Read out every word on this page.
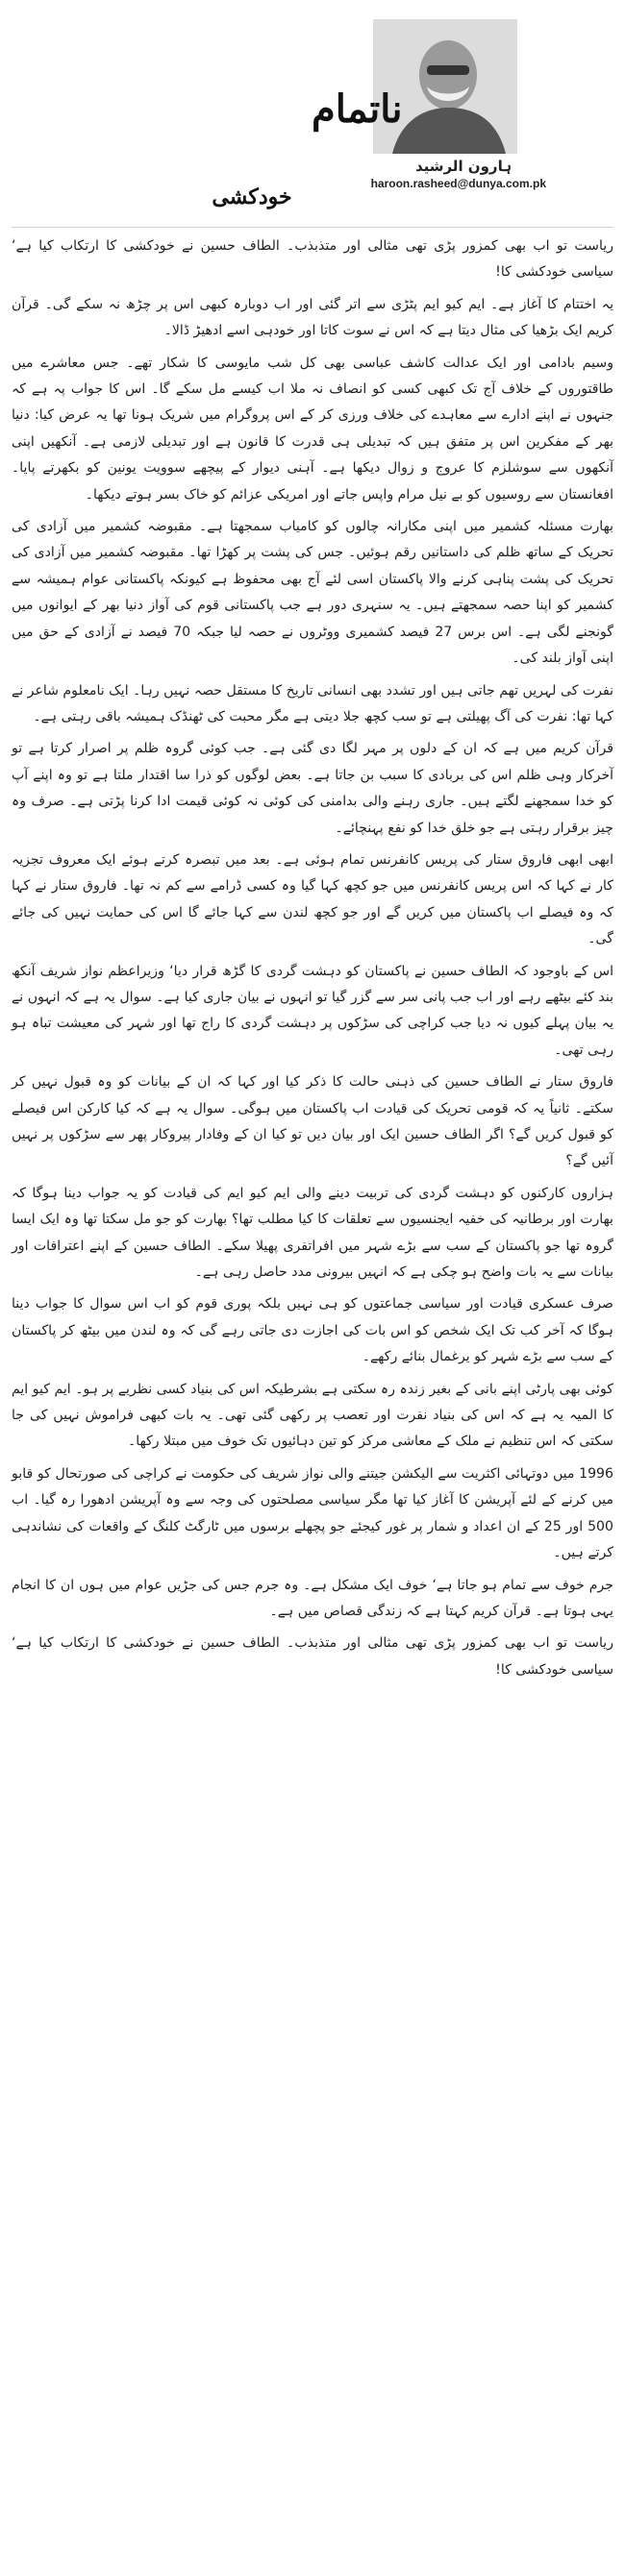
ناتمام
ہارون الرشید
haroon.rasheed@dunya.com.pk
خودکشی

ریاست تو اب بھی کمزور پڑی تھی مثالی اور متذبذب۔ الطاف حسین نے خودکشی کا ارتکاب کیا ہے‘ سیاسی خودکشی کا!

یہ اختتام کا آغاز ہے۔ ایم کیو ایم پٹڑی سے اتر گئی اور اب دوبارہ کبھی اس پر چڑھ نہ سکے گی۔ قرآن کریم ایک بڑھیا کی مثال دیتا ہے کہ اس نے سوت کاتا اور خودہی اسے ادھیڑ ڈالا۔

وسیم بادامی اور ایک عدالت کاشف عباسی بھی کل شب مایوسی کا شکار تھے۔ جس معاشرے میں طاقتوروں کے خلاف آج تک کبھی کسی کو انصاف نہ ملا اب کیسے مل سکے گا۔ اس کا جواب پہ ہے کہ جنہوں نے اپنے ادارے سے معاہدے کی خلاف ورزی کر کے اس پروگرام میں شریک ہونا تھا یہ عرض کیا: دنیا بھر کے مفکرین اس پر متفق ہیں کہ تبدیلی ہی قدرت کا قانون ہے اور تبدیلی لازمی ہے۔ آنکھیں اپنی آنکھوں سے سوشلزم کا عروج و زوال دیکھا ہے۔ آہنی دیوار کے پیچھے سوویت یونین کو بکھرتے پایا۔ افغانستان سے روسیوں کو بے نیل مرام واپس جاتے اور امریکی عزائم کو خاک بسر ہوتے دیکھا۔

بھارت مسئلہ کشمیر میں اپنی مکارانہ چالوں کو کامیاب سمجھتا ہے۔ مقبوضہ کشمیر میں آزادی کی تحریک کے ساتھ ظلم کی داستانیں رقم ہوئیں۔ جس کی پشت پر کھڑا تھا۔ مقبوضہ کشمیر میں آزادی کی تحریک کی پشت پناہی کرنے والا پاکستان اسی لئے آج بھی محفوظ ہے کیونکہ پاکستانی عوام ہمیشہ سے کشمیر کو اپنا حصہ سمجھتے ہیں۔ یہ سنہری دور ہے جب پاکستانی قوم کی آواز دنیا بھر کے ایوانوں میں گونجنے لگی ہے۔ اس برس 27 فیصد کشمیری ووٹروں نے حصہ لیا جبکہ 70 فیصد نے آزادی کے حق میں اپنی آواز بلند کی۔

نفرت کی لہریں تھم جاتی ہیں اور تشدد بھی انسانی تاریخ کا مستقل حصہ نہیں رہا۔ ایک نامعلوم شاعر نے کہا تھا: نفرت کی آگ پھیلتی ہے تو سب کچھ جلا دیتی ہے مگر محبت کی ٹھنڈک ہمیشہ باقی رہتی ہے۔

قرآن کریم میں ہے کہ ان کے دلوں پر مہر لگا دی گئی ہے۔ جب کوئی گروہ ظلم پر اصرار کرتا ہے تو آخرکار وہی ظلم اس کی بربادی کا سبب بن جاتا ہے۔ بعض لوگوں کو ذرا سا اقتدار ملتا ہے تو وہ اپنے آپ کو خدا سمجھنے لگتے ہیں۔ جاری رہنے والی بدامنی کی کوئی نہ کوئی قیمت ادا کرنا پڑتی ہے۔ صرف وہ چیز برقرار رہتی ہے جو خلق خدا کو نفع پہنچائے۔

ابھی ابھی فاروق ستار کی پریس کانفرنس تمام ہوئی ہے۔ بعد میں تبصرہ کرتے ہوئے ایک معروف تجزیہ کار نے کہا کہ اس پریس کانفرنس میں جو کچھ کہا گیا وہ کسی ڈرامے سے کم نہ تھا۔ فاروق ستار نے کہا کہ وہ فیصلے اب پاکستان میں کریں گے اور جو کچھ لندن سے کہا جائے گا اس کی حمایت نہیں کی جائے گی۔

اس کے باوجود کہ الطاف حسین نے پاکستان کو دہشت گردی کا گڑھ قرار دیا‘ وزیراعظم نواز شریف آنکھ بند کئے بیٹھے رہے اور اب جب پانی سر سے گزر گیا تو انہوں نے بیان جاری کیا ہے۔ سوال یہ ہے کہ انہوں نے یہ بیان پہلے کیوں نہ دیا جب کراچی کی سڑکوں پر دہشت گردی کا راج تھا اور شہر کی معیشت تباہ ہو رہی تھی۔

فاروق ستار نے الطاف حسین کی ذہنی حالت کا ذکر کیا اور کہا کہ ان کے بیانات کو وہ قبول نہیں کر سکتے۔ ثانیاً یہ کہ قومی تحریک کی قیادت اب پاکستان میں ہوگی۔ سوال یہ ہے کہ کیا کارکن اس فیصلے کو قبول کریں گے؟ اگر الطاف حسین ایک اور بیان دیں تو کیا ان کے وفادار پیروکار پھر سے سڑکوں پر نہیں آئیں گے؟

ہزاروں کارکنوں کو دہشت گردی کی تربیت دینے والی ایم کیو ایم کی قیادت کو یہ جواب دینا ہوگا کہ بھارت اور برطانیہ کی خفیہ ایجنسیوں سے تعلقات کا کیا مطلب تھا؟ بھارت کو جو مل سکتا تھا وہ ایک ایسا گروہ تھا جو پاکستان کے سب سے بڑے شہر میں افراتفری پھیلا سکے۔ الطاف حسین کے اپنے اعترافات اور بیانات سے یہ بات واضح ہو چکی ہے کہ انہیں بیرونی مدد حاصل رہی ہے۔

صرف عسکری قیادت اور سیاسی جماعتوں کو ہی نہیں بلکہ پوری قوم کو اب اس سوال کا جواب دینا ہوگا کہ آخر کب تک ایک شخص کو اس بات کی اجازت دی جاتی رہے گی کہ وہ لندن میں بیٹھ کر پاکستان کے سب سے بڑے شہر کو یرغمال بنائے رکھے۔

کوئی بھی پارٹی اپنے بانی کے بغیر زندہ رہ سکتی ہے بشرطیکہ اس کی بنیاد کسی نظریے پر ہو۔ ایم کیو ایم کا المیہ یہ ہے کہ اس کی بنیاد نفرت اور تعصب پر رکھی گئی تھی۔ یہ بات کبھی فراموش نہیں کی جا سکتی کہ اس تنظیم نے ملک کے معاشی مرکز کو تین دہائیوں تک خوف میں مبتلا رکھا۔

1996 میں دوتہائی اکثریت سے الیکشن جیتنے والی نواز شریف کی حکومت نے کراچی کی صورتحال کو قابو میں کرنے کے لئے آپریشن کا آغاز کیا تھا مگر سیاسی مصلحتوں کی وجہ سے وہ آپریشن ادھورا رہ گیا۔ اب 500 اور 25 کے ان اعداد و شمار پر غور کیجئے جو پچھلے برسوں میں ٹارگٹ کلنگ کے واقعات کی نشاندہی کرتے ہیں۔

جرم خوف سے تمام ہو جاتا ہے‘ خوف ایک مشکل ہے۔ وہ جرم جس کی جڑیں عوام میں ہوں ان کا انجام یہی ہوتا ہے۔ قرآن کریم کہتا ہے کہ زندگی قصاص میں ہے۔

ریاست تو اب بھی کمزور پڑی تھی مثالی اور متذبذب۔ الطاف حسین نے خودکشی کا ارتکاب کیا ہے‘ سیاسی خودکشی کا!
